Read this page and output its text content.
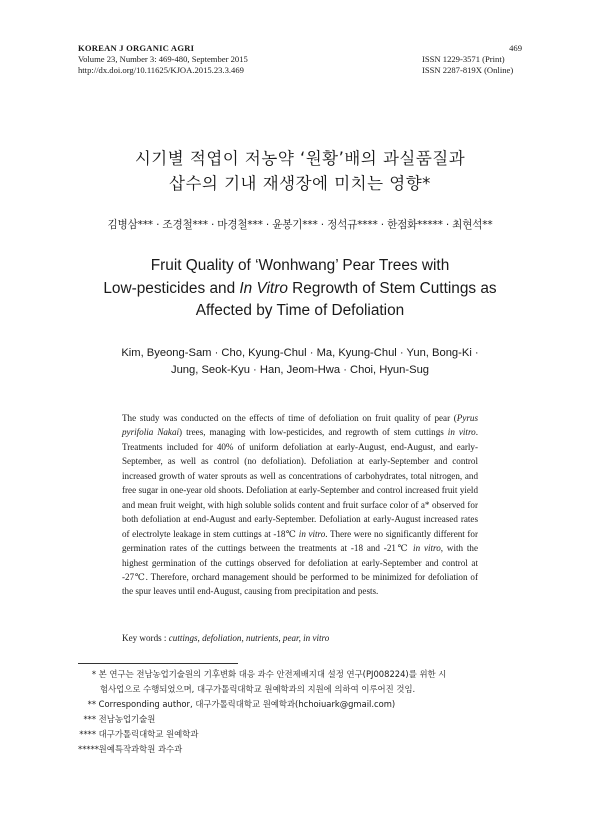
KOREAN J ORGANIC AGRI	469
Volume 23, Number 3: 469-480, September 2015	ISSN 1229-3571 (Print)
http://dx.doi.org/10.11625/KJOA.2015.23.3.469	ISSN 2287-819X (Online)
시기별 적엽이 저농약 ‘원황’배의 과실품질과
삽수의 기내 재생장에 미치는 영향*
김병삼*** · 조경철*** · 마경철*** · 윤봉기*** · 정석규**** · 한점화***** · 최현석**
Fruit Quality of ‘Wonhwang’ Pear Trees with
Low-pesticides and In Vitro Regrowth of Stem Cuttings as
Affected by Time of Defoliation
Kim, Byeong-Sam · Cho, Kyung-Chul · Ma, Kyung-Chul · Yun, Bong-Ki ·
Jung, Seok-Kyu · Han, Jeom-Hwa · Choi, Hyun-Sug

The study was conducted on the effects of time of defoliation on fruit quality of pear (Pyrus pyrifolia Nakai) trees, managing with low-pesticides, and regrowth of stem cuttings in vitro. Treatments included for 40% of uniform defoliation at early-August, end-August, and early-September, as well as control (no defoliation). Defoliation at early-September and control increased growth of water sprouts as well as concentrations of carbohydrates, total nitrogen, and free sugar in one-year old shoots. Defoliation at early-September and control increased fruit yield and mean fruit weight, with high soluble solids content and fruit surface color of a* observed for both defoliation at end-August and early-September. Defoliation at early-August increased rates of electrolyte leakage in stem cuttings at -18℃ in vitro. There were no significantly different for germination rates of the cuttings between the treatments at -18 and -21℃ in vitro, with the highest germination of the cuttings observed for defoliation at early-September and control at -27℃. Therefore, orchard management should be performed to be minimized for defoliation of the spur leaves until end-August, causing from precipitation and pests.

Key words : cuttings, defoliation, nutrients, pear, in vitro
* 본 연구는 전남농업기술원의 기후변화 대응 과수 안전제배지대 설정 연구(PJ008224)를 위한 시
험사업으로 수행되었으며, 대구가톨릭대학교 원예학과의 지원에 의하여 이루어진 것임.
** Corresponding author, 대구가톨릭대학교 원예학과(hchoiuark@gmail.com)
*** 전남농업기술원
**** 대구가톨릭대학교 원예학과
***** 원예특작과학원 과수과
